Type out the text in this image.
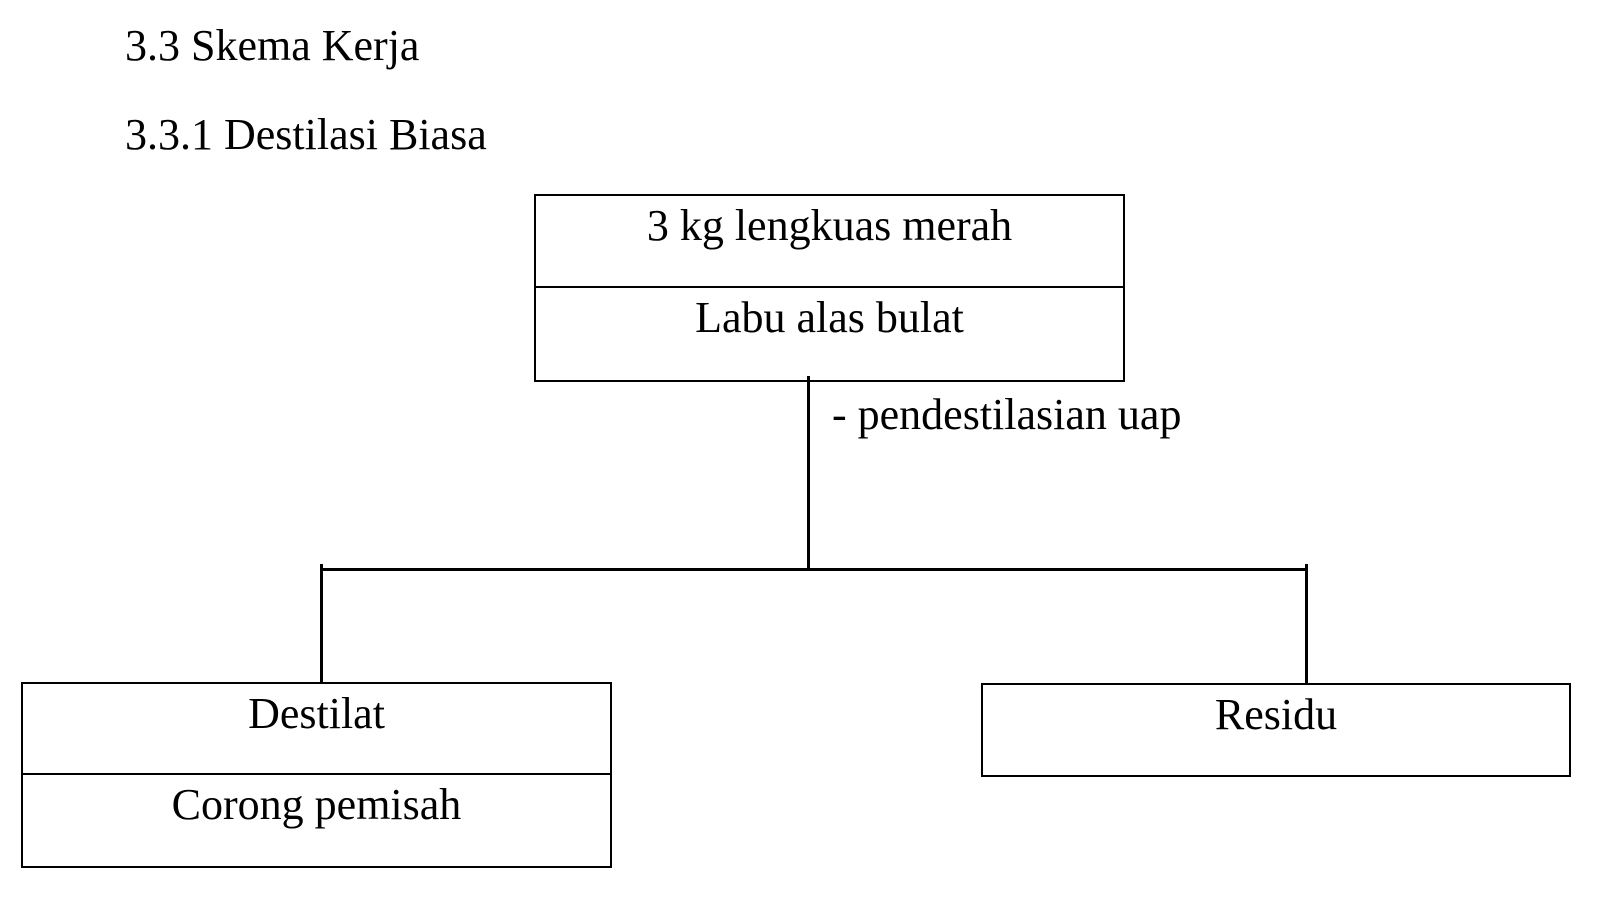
3.3 Skema Kerja
3.3.1 Destilasi Biasa
3 kg lengkuas merah
Labu alas bulat
- pendestilasian uap
Destilat
Corong pemisah
Residu
